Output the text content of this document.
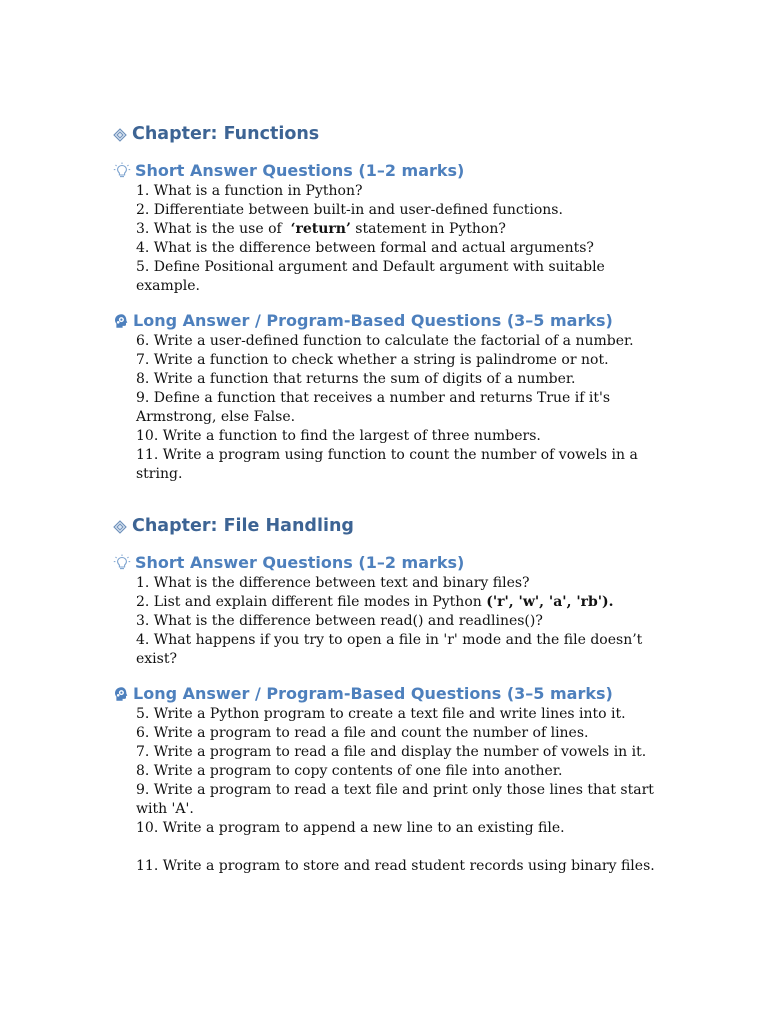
Chapter: Functions
Short Answer Questions (1–2 marks)
1. What is a function in Python?
2. Differentiate between built-in and user-defined functions.
3. What is the use of ‘return’ statement in Python?
4. What is the difference between formal and actual arguments?
5. Define Positional argument and Default argument with suitable example.
Long Answer / Program-Based Questions (3–5 marks)
6. Write a user-defined function to calculate the factorial of a number.
7. Write a function to check whether a string is palindrome or not.
8. Write a function that returns the sum of digits of a number.
9. Define a function that receives a number and returns True if it's Armstrong, else False.
10. Write a function to find the largest of three numbers.
11. Write a program using function to count the number of vowels in a string.
Chapter: File Handling
Short Answer Questions (1–2 marks)
1. What is the difference between text and binary files?
2. List and explain different file modes in Python ('r', 'w', 'a', 'rb').
3. What is the difference between read() and readlines()?
4. What happens if you try to open a file in 'r' mode and the file doesn’t exist?
Long Answer / Program-Based Questions (3–5 marks)
5. Write a Python program to create a text file and write lines into it.
6. Write a program to read a file and count the number of lines.
7. Write a program to read a file and display the number of vowels in it.
8. Write a program to copy contents of one file into another.
9. Write a program to read a text file and print only those lines that start with 'A'.
10. Write a program to append a new line to an existing file.
11. Write a program to store and read student records using binary files.
